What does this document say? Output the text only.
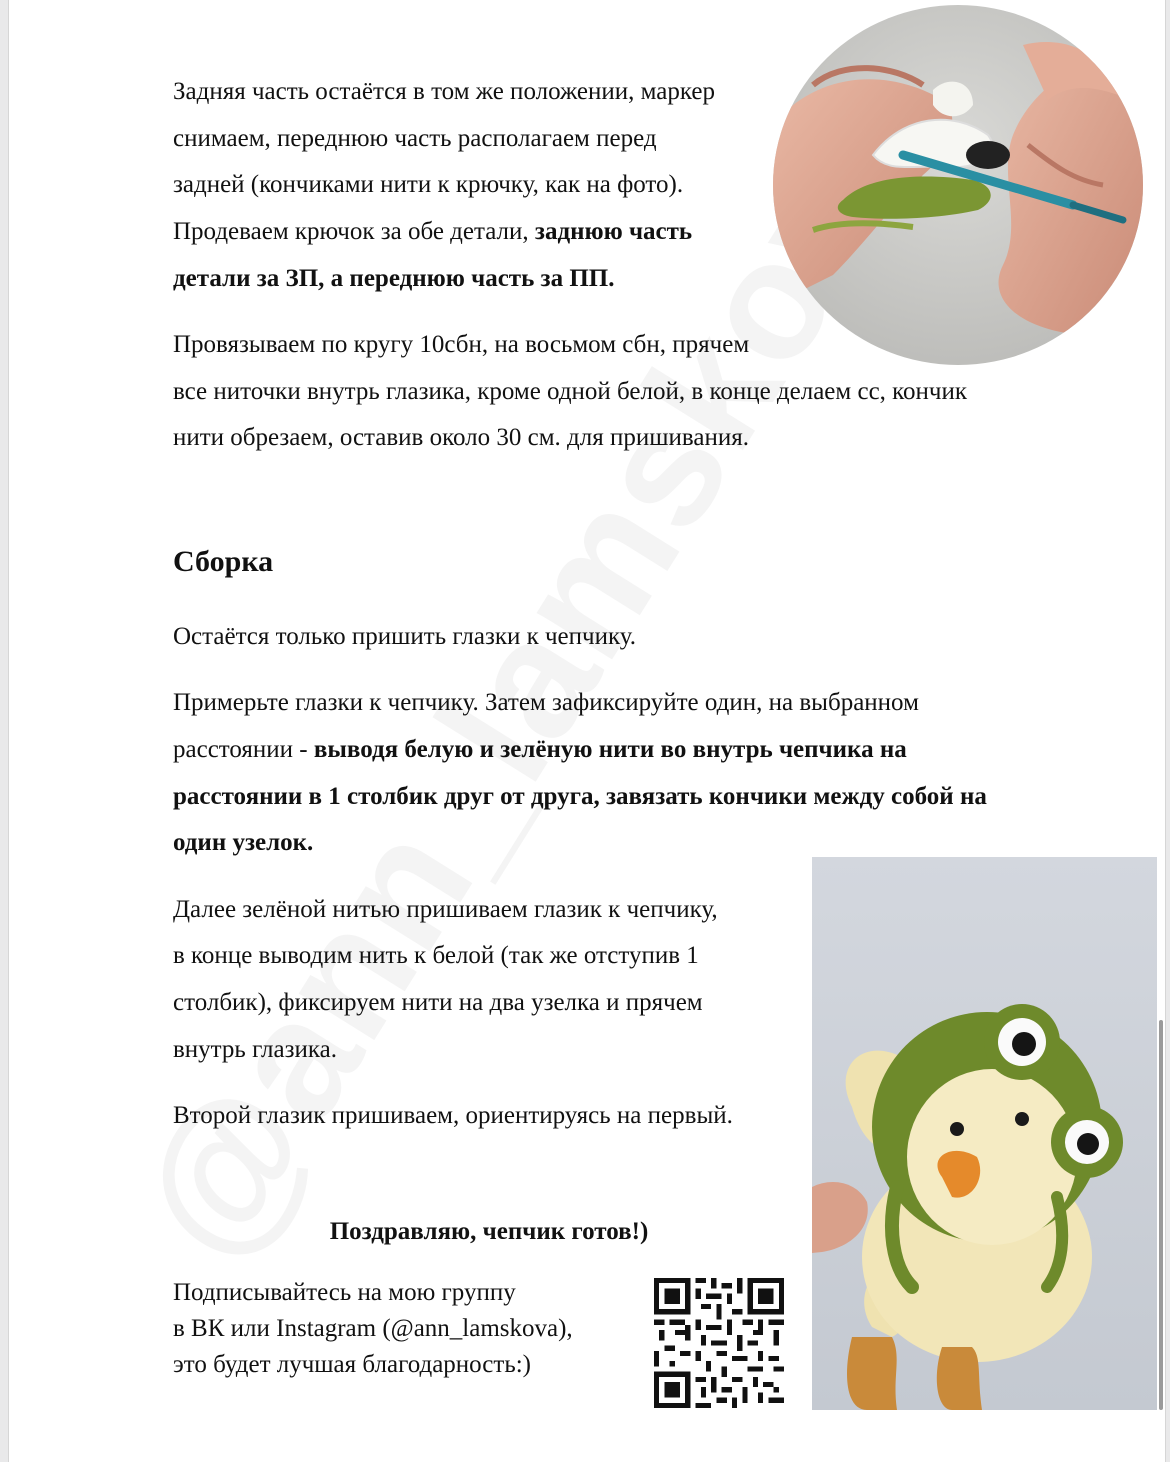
Задняя часть остаётся в том же положении, маркер
снимаем, переднюю часть располагаем перед
задней (кончиками нити к крючку, как на фото).
Продеваем крючок за обе детали, заднюю часть
детали за ЗП, а переднюю часть за ПП.
Провязываем по кругу 10сбн, на восьмом сбн, прячем
все ниточки внутрь глазика, кроме одной белой, в конце делаем сс, кончик
нити обрезаем, оставив около 30 см. для пришивания.
Сборка
Остаётся только пришить глазки к чепчику.
Примерьте глазки к чепчику. Затем зафиксируйте один, на выбранном
расстоянии - выводя белую и зелёную нити во внутрь чепчика на
расстоянии в 1 столбик друг от друга, завязать кончики между собой на
один узелок.
Далее зелёной нитью пришиваем глазик к чепчику,
в конце выводим нить к белой (так же отступив 1
столбик), фиксируем нити на два узелка и прячем
внутрь глазика.
Второй глазик пришиваем, ориентируясь на первый.
Поздравляю, чепчик готов!)
Подписывайтесь на мою группу
в ВК или Instagram (@ann_lamskova),
это будет лучшая благодарность:)
